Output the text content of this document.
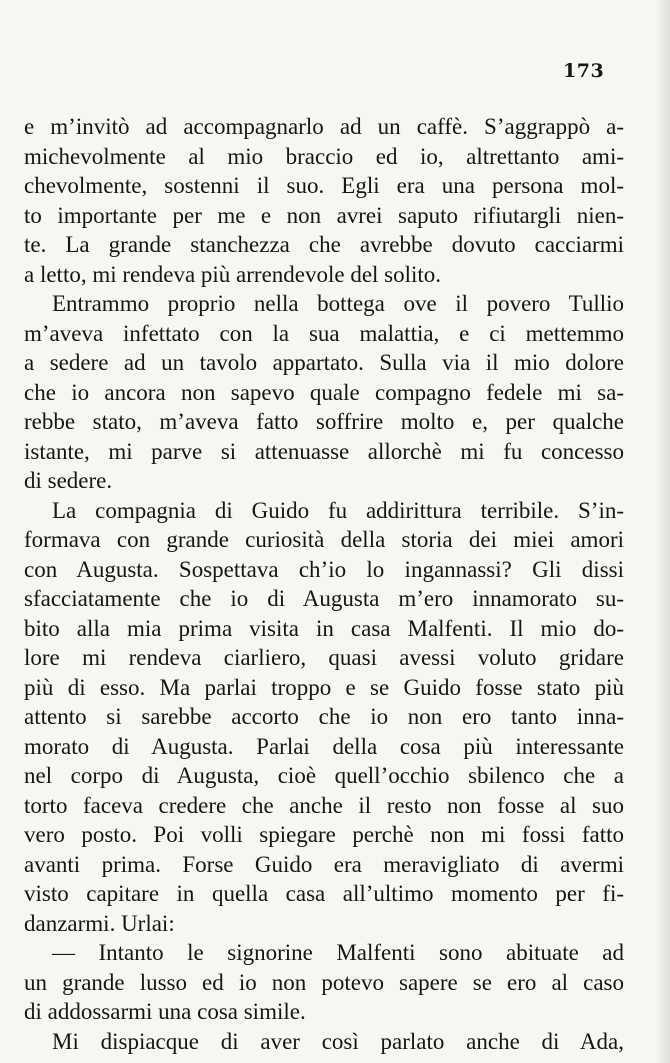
173
e m’invitò ad accompagnarlo ad un caffè. S’aggrappò a-
michevolmente al mio braccio ed io, altrettanto ami-
chevolmente, sostenni il suo. Egli era una persona mol-
to importante per me e non avrei saputo rifiutargli nien-
te. La grande stanchezza che avrebbe dovuto cacciarmi
a letto, mi rendeva più arrendevole del solito.
Entrammo proprio nella bottega ove il povero Tullio
m’aveva infettato con la sua malattia, e ci mettemmo
a sedere ad un tavolo appartato. Sulla via il mio dolore
che io ancora non sapevo quale compagno fedele mi sa-
rebbe stato, m’aveva fatto soffrire molto e, per qualche
istante, mi parve si attenuasse allorchè mi fu concesso
di sedere.
La compagnia di Guido fu addirittura terribile. S’in-
formava con grande curiosità della storia dei miei amori
con Augusta. Sospettava ch’io lo ingannassi? Gli dissi
sfacciatamente che io di Augusta m’ero innamorato su-
bito alla mia prima visita in casa Malfenti. Il mio do-
lore mi rendeva ciarliero, quasi avessi voluto gridare
più di esso. Ma parlai troppo e se Guido fosse stato più
attento si sarebbe accorto che io non ero tanto inna-
morato di Augusta. Parlai della cosa più interessante
nel corpo di Augusta, cioè quell’occhio sbilenco che a
torto faceva credere che anche il resto non fosse al suo
vero posto. Poi volli spiegare perchè non mi fossi fatto
avanti prima. Forse Guido era meravigliato di avermi
visto capitare in quella casa all’ultimo momento per fi-
danzarmi. Urlai:
— Intanto le signorine Malfenti sono abituate ad
un grande lusso ed io non potevo sapere se ero al caso
di addossarmi una cosa simile.
Mi dispiacque di aver così parlato anche di Ada,
